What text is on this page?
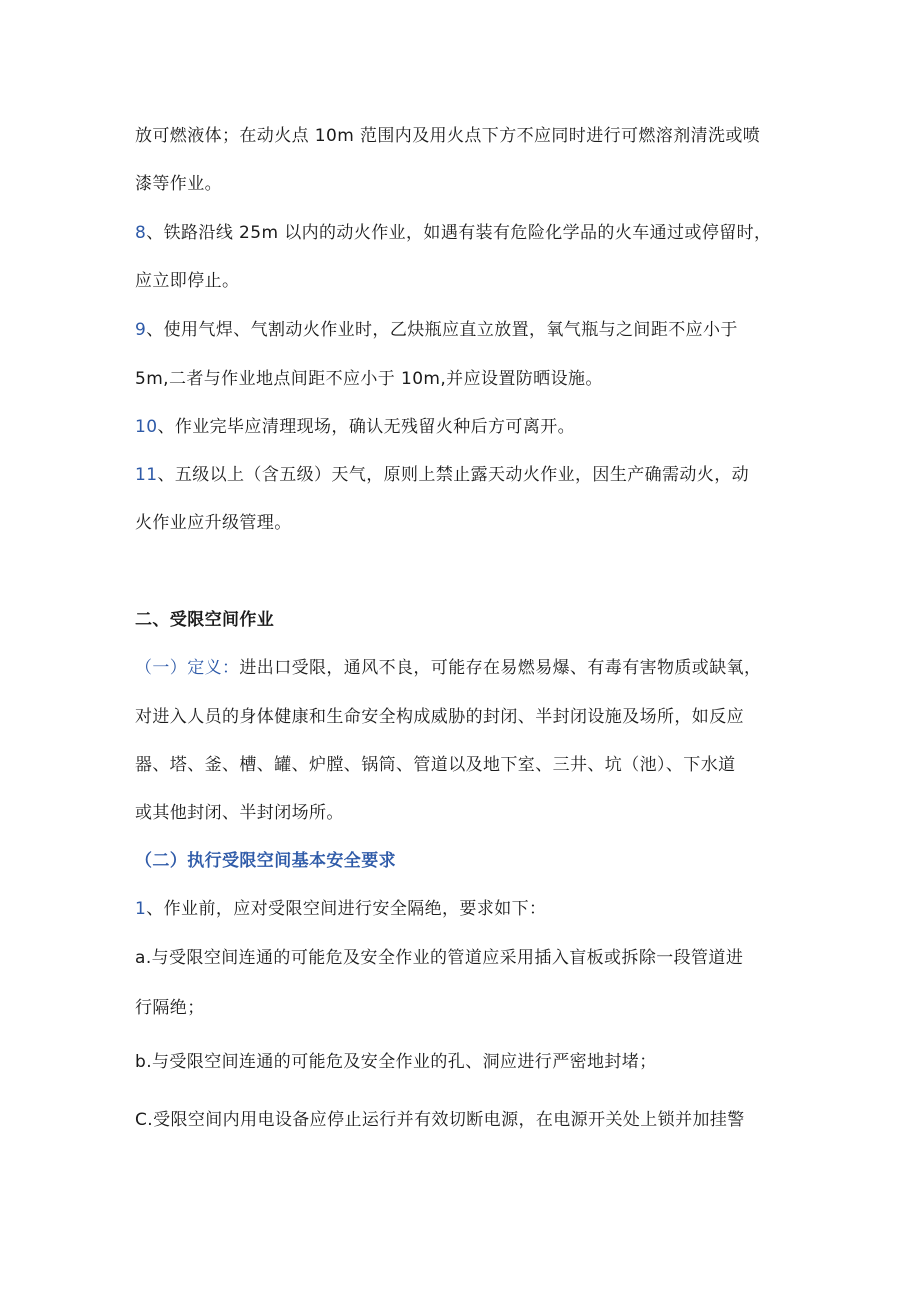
放可燃液体；在动火点 10m 范围内及用火点下方不应同时进行可燃溶剂清洗或喷
漆等作业。
8、铁路沿线 25m 以内的动火作业，如遇有装有危险化学品的火车通过或停留时，
应立即停止。
9、使用气焊、气割动火作业时，乙炔瓶应直立放置，氧气瓶与之间距不应小于
5m,二者与作业地点间距不应小于 10m,并应设置防晒设施。
10、作业完毕应清理现场，确认无残留火种后方可离开。
11、五级以上（含五级）天气，原则上禁止露天动火作业，因生产确需动火，动
火作业应升级管理。
二、受限空间作业
（一）定义：进出口受限，通风不良，可能存在易燃易爆、有毒有害物质或缺氧，
对进入人员的身体健康和生命安全构成威胁的封闭、半封闭设施及场所，如反应
器、塔、釜、槽、罐、炉膛、锅筒、管道以及地下室、三井、坑（池）、下水道
或其他封闭、半封闭场所。
（二）执行受限空间基本安全要求
1、作业前，应对受限空间进行安全隔绝，要求如下：
a.与受限空间连通的可能危及安全作业的管道应采用插入盲板或拆除一段管道进
行隔绝；
b.与受限空间连通的可能危及安全作业的孔、洞应进行严密地封堵；
C.受限空间内用电设备应停止运行并有效切断电源，在电源开关处上锁并加挂警
